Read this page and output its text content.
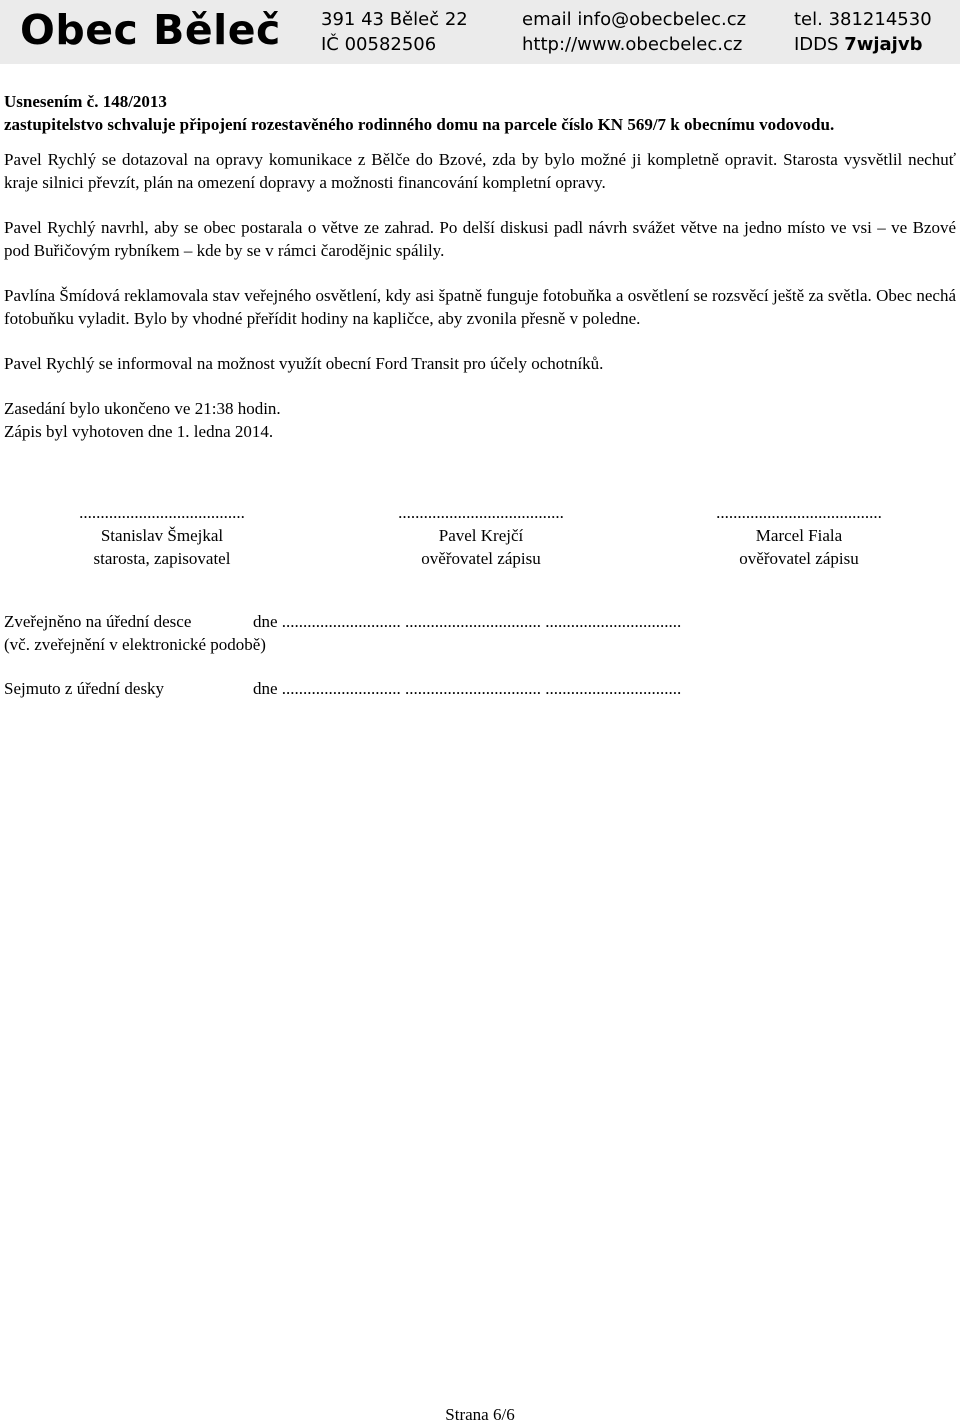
Obec Běleč 391 43 Běleč 22
IČ 00582506
email info@obecbelec.cz
http://www.obecbelec.cz
tel. 381214530
IDDS 7wjajvb

Usnesením č. 148/2013

zastupitelstvo schvaluje připojení rozestavěného rodinného domu na parcele číslo KN 569/7 k obecnímu vodovodu.

Pavel Rychlý se dotazoval na opravy komunikace z Bělče do Bzové, zda by bylo možné ji kompletně opravit. Starosta vysvětlil nechuť kraje silnici převzít, plán na omezení dopravy a možnosti financování kompletní opravy.

Pavel Rychlý navrhl, aby se obec postarala o větve ze zahrad. Po delší diskusi padl návrh svážet větve na jedno místo ve vsi – ve Bzové pod Buřičovým rybníkem – kde by se v rámci čarodějnic spálily.

Pavlína Šmídová reklamovala stav veřejného osvětlení, kdy asi špatně funguje fotobuňka a osvětlení se rozsvěcí ještě za světla. Obec nechá fotobuňku vyladit. Bylo by vhodné přeřídit hodiny na kapličce, aby zvonila přesně v poledne.

Pavel Rychlý se informoval na možnost využít obecní Ford Transit pro účely ochotníků.

Zasedání bylo ukončeno ve 21:38 hodin.

Zápis byl vyhotoven dne 1. ledna 2014.

.......................................
Stanislav Šmejkal
starosta, zapisovatel
.......................................
Pavel Krejčí
ověřovatel zápisu
.......................................
Marcel Fiala
ověřovatel zápisu
Zveřejněno na úřední desce	dne ............................ ................................ ................................
(vč. zveřejnění v elektronické podobě)
Sejmuto z úřední desky	dne ............................ ................................ ................................
Strana 6/6
